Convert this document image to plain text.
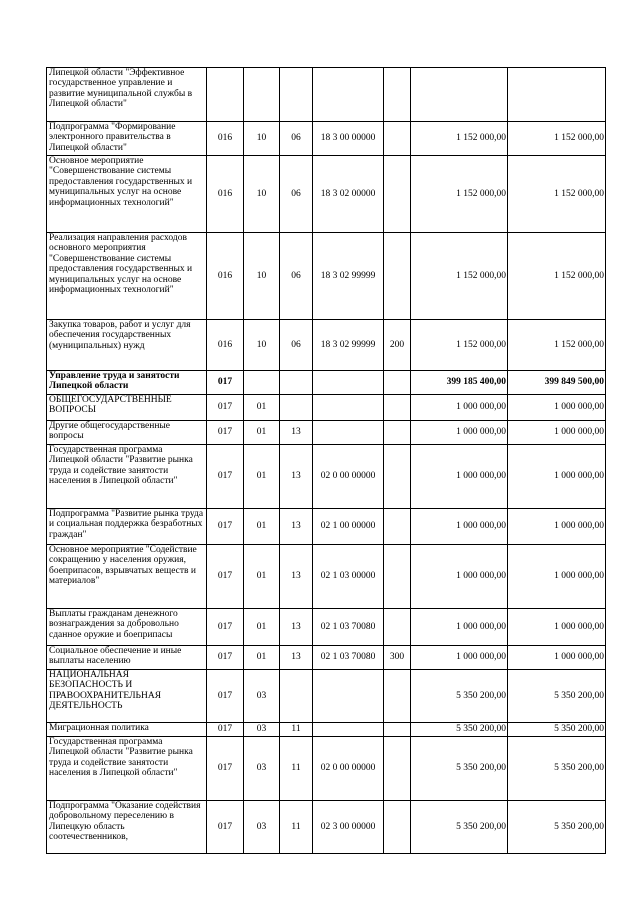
Липецкой области "Эффективное государственное управление и развитие муниципальной службы в Липецкой области"							
Подпрограмма "Формирование электронного правительства в Липецкой области"	016	10	06	18 3 00 00000		1 152 000,00	1 152 000,00
Основное мероприятие "Совершенствование системы предоставления государственных и муниципальных услуг на основе информационных технологий"	016	10	06	18 3 02 00000		1 152 000,00	1 152 000,00
Реализация направления расходов основного мероприятия "Совершенствование системы предоставления государственных и муниципальных услуг на основе информационных технологий"	016	10	06	18 3 02 99999		1 152 000,00	1 152 000,00
Закупка товаров, работ и услуг для обеспечения государственных (муниципальных) нужд	016	10	06	18 3 02 99999	200	1 152 000,00	1 152 000,00
Управление труда и занятости Липецкой области	017					399 185 400,00	399 849 500,00
ОБЩЕГОСУДАРСТВЕННЫЕ ВОПРОСЫ	017	01				1 000 000,00	1 000 000,00
Другие общегосударственные вопросы	017	01	13			1 000 000,00	1 000 000,00
Государственная программа Липецкой области "Развитие рынка труда и содействие занятости населения в Липецкой области"	017	01	13	02 0 00 00000		1 000 000,00	1 000 000,00
Подпрограмма "Развитие рынка труда и социальная поддержка безработных граждан"	017	01	13	02 1 00 00000		1 000 000,00	1 000 000,00
Основное мероприятие "Содействие сокращению у населения оружия, боеприпасов, взрывчатых веществ и материалов"	017	01	13	02 1 03 00000		1 000 000,00	1 000 000,00
Выплаты гражданам денежного вознаграждения за добровольно сданное оружие и боеприпасы	017	01	13	02 1 03 70080		1 000 000,00	1 000 000,00
Социальное обеспечение и иные выплаты населению	017	01	13	02 1 03 70080	300	1 000 000,00	1 000 000,00
НАЦИОНАЛЬНАЯ БЕЗОПАСНОСТЬ И ПРАВООХРАНИТЕЛЬНАЯ ДЕЯТЕЛЬНОСТЬ	017	03				5 350 200,00	5 350 200,00
Миграционная политика	017	03	11			5 350 200,00	5 350 200,00
Государственная программа Липецкой области "Развитие рынка труда и содействие занятости населения в Липецкой области"	017	03	11	02 0 00 00000		5 350 200,00	5 350 200,00
Подпрограмма "Оказание содействия добровольному переселению в Липецкую область соотечественников,	017	03	11	02 3 00 00000		5 350 200,00	5 350 200,00
